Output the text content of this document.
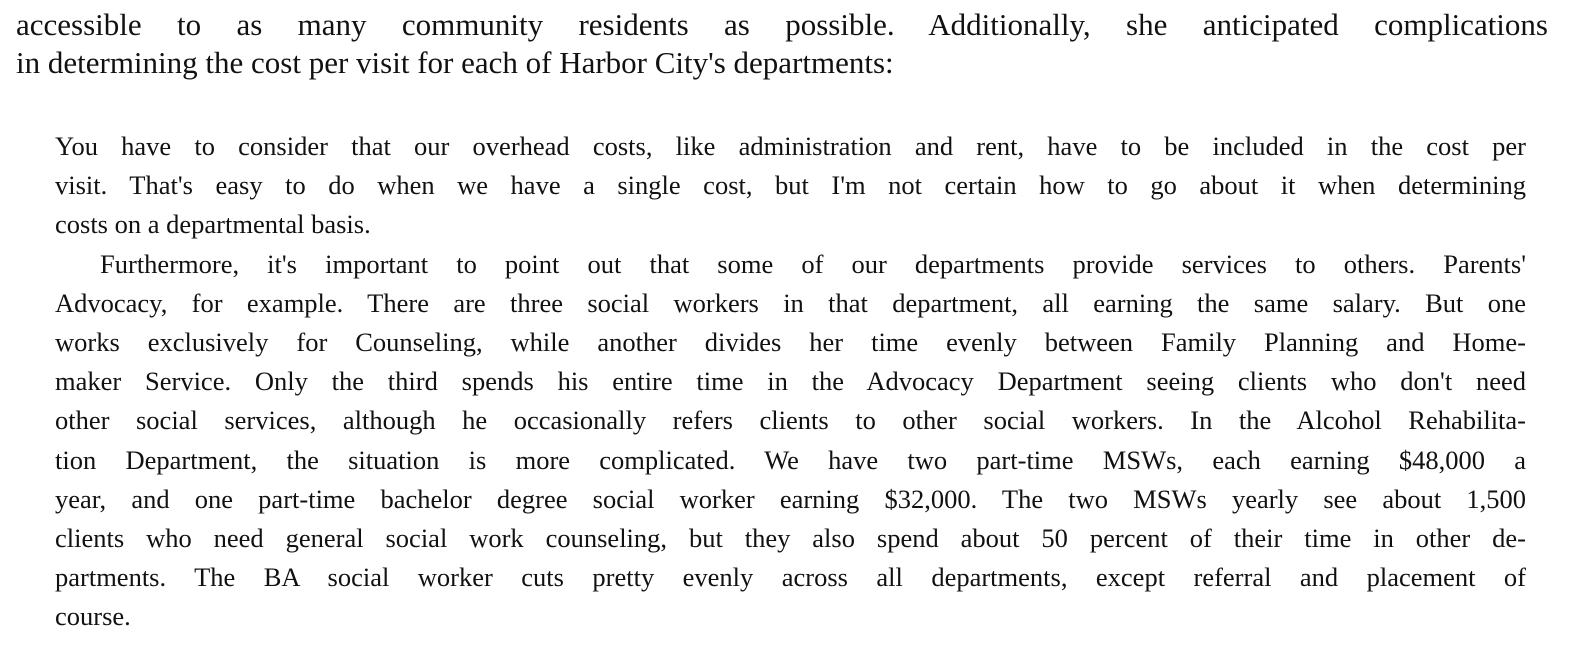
accessible to as many community residents as possible. Additionally, she anticipated complications
in determining the cost per visit for each of Harbor City's departments:
You have to consider that our overhead costs, like administration and rent, have to be included in the cost per
visit. That's easy to do when we have a single cost, but I'm not certain how to go about it when determining
costs on a departmental basis.
Furthermore, it's important to point out that some of our departments provide services to others. Parents'
Advocacy, for example. There are three social workers in that department, all earning the same salary. But one
works exclusively for Counseling, while another divides her time evenly between Family Planning and Home-
maker Service. Only the third spends his entire time in the Advocacy Department seeing clients who don't need
other social services, although he occasionally refers clients to other social workers. In the Alcohol Rehabilita-
tion Department, the situation is more complicated. We have two part-time MSWs, each earning $48,000 a
year, and one part-time bachelor degree social worker earning $32,000. The two MSWs yearly see about 1,500
clients who need general social work counseling, but they also spend about 50 percent of their time in other de-
partments. The BA social worker cuts pretty evenly across all departments, except referral and placement of
course.
